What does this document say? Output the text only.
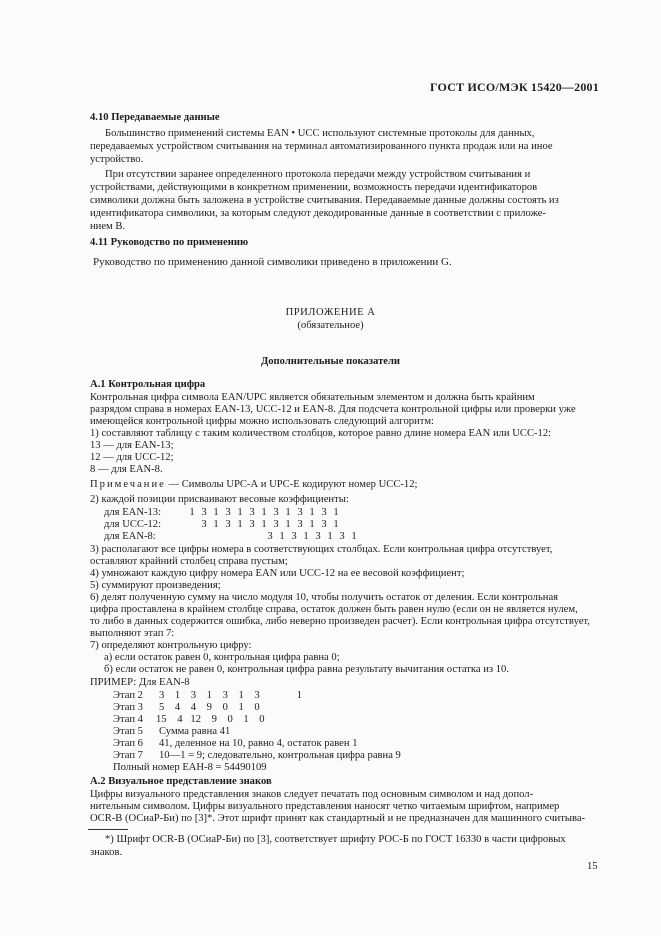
ГОСТ ИСО/МЭК 15420—2001
4.10 Передаваемые данные
Большинство применений системы EAN • UCC используют системные протоколы для данных,
передаваемых устройством считывания на терминал автоматизированного пункта продаж или на иное
устройство.
При отсутствии заранее определенного протокола передачи между устройством считывания и
устройствами, действующими в конкретном применении, возможность передачи идентификаторов
символики должна быть заложена в устройстве считывания. Передаваемые данные должны состоять из
идентификатора символики, за которым следуют декодированные данные в соответствии с приложе-
нием В.
4.11 Руководство по применению
Руководство по применению данной символики приведено в приложении G.
ПРИЛОЖЕНИЕ А
(обязательное)
Дополнительные показатели
А.1 Контрольная цифра
Контрольная цифра символа EAN/UPC является обязательным элементом и должна быть крайним
разрядом справа в номерах EAN-13, UCC-12 и EAN-8. Для подсчета контрольной цифры или проверки уже
имеющейся контрольной цифры можно использовать следующий алгоритм:
1) составляют таблицу с таким количеством столбцов, которое равно длине номера EAN или UCC-12:
13 — для EAN-13;
12 — для UCC-12;
8 — для EAN-8.
Примечание — Символы UPC-А и UPC-Е кодируют номер UCC-12;
2) каждой позиции присваивают весовые коэффициенты:
для EAN-13:	1 3 1 3 1 3 1 3 1 3 1 3 1
для UCC-12:	3 1 3 1 3 1 3 1 3 1 3 1
для EAN-8:	3 1 3 1 3 1 3 1
3) располагают все цифры номера в соответствующих столбцах. Если контрольная цифра отсутствует,
оставляют крайний столбец справа пустым;
4) умножают каждую цифру номера EAN или UCC-12 на ее весовой коэффициент;
5) суммируют произведения;
6) делят полученную сумму на число модуля 10, чтобы получить остаток от деления. Если контрольная
цифра проставлена в крайнем столбце справа, остаток должен быть равен нулю (если он не является нулем,
то либо в данных содержится ошибка, либо неверно произведен расчет). Если контрольная цифра отсутствует,
выполняют этап 7:
7) определяют контрольную цифру:
а) если остаток равен 0, контрольная цифра равна 0;
б) если остаток не равен 0, контрольная цифра равна результату вычитания остатка из 10.
ПРИМЕР: Для EAN-8
Этап 2 3    1    3    1    3    1    3              1
Этап 3 5    4    4    9    0    1    0
Этап 4 15    4   12    9    0    1    0
Этап 5 Сумма равна 41
Этап 6 41, деленное на 10, равно 4, остаток равен 1
Этап 7 10—1 = 9; следовательно, контрольная цифра равна 9
Полный номер EAH-8 = 54490109
А.2 Визуальное представление знаков
Цифры визуального представления знаков следует печатать под основным символом и над допол-
нительным символом. Цифры визуального представления наносят четко читаемым шрифтом, например
OCR-B (ОСиаР-Би) по [3]*. Этот шрифт принят как стандартный и не предназначен для машинного считыва-
*) Шрифт OCR-B (ОСиаР-Би) по [3], соответствует шрифту РОС-Б по ГОСТ 16330 в части цифровых
знаков.
15
